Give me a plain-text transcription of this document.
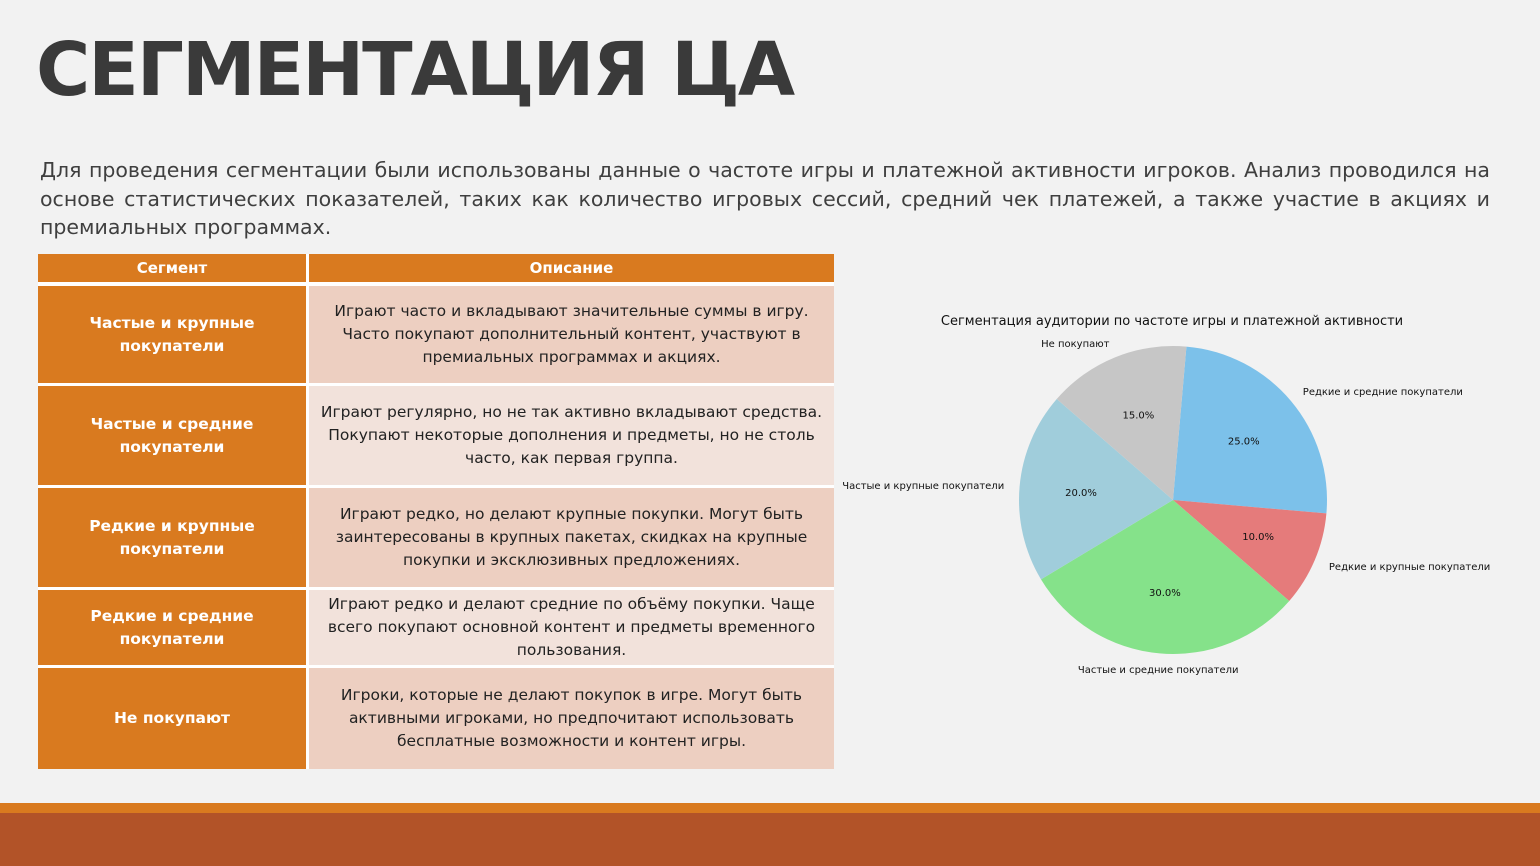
СЕГМЕНТАЦИЯ ЦА

Для проведения сегментации были использованы данные о частоте игры и платежной активности игроков. Анализ проводился на основе статистических показателей, таких как количество игровых сессий, средний чек платежей, а также участие в акциях и премиальных программах.

Сегмент	Описание
Частые и крупные покупатели	Играют часто и вкладывают значительные суммы в игру. Часто покупают дополнительный контент, участвуют в премиальных программах и акциях.
Частые и средние покупатели	Играют регулярно, но не так активно вкладывают средства. Покупают некоторые дополнения и предметы, но не столь часто, как первая группа.
Редкие и крупные покупатели	Играют редко, но делают крупные покупки. Могут быть заинтересованы в крупных пакетах, скидках на крупные покупки и эксклюзивных предложениях.
Редкие и средние покупатели	Играют редко и делают средние по объёму покупки. Чаще всего покупают основной контент и предметы временного пользования.
Не покупают	Игроки, которые не делают покупок в игре. Могут быть активными игроками, но предпочитают использовать бесплатные возможности и контент игры.
Сегментация аудитории по частоте игры и платежной активности
25.0%
Редкие и средние покупатели
10.0%
Редкие и крупные покупатели
30.0%
Частые и средние покупатели
20.0%
Частые и крупные покупатели
15.0%
Не покупают
